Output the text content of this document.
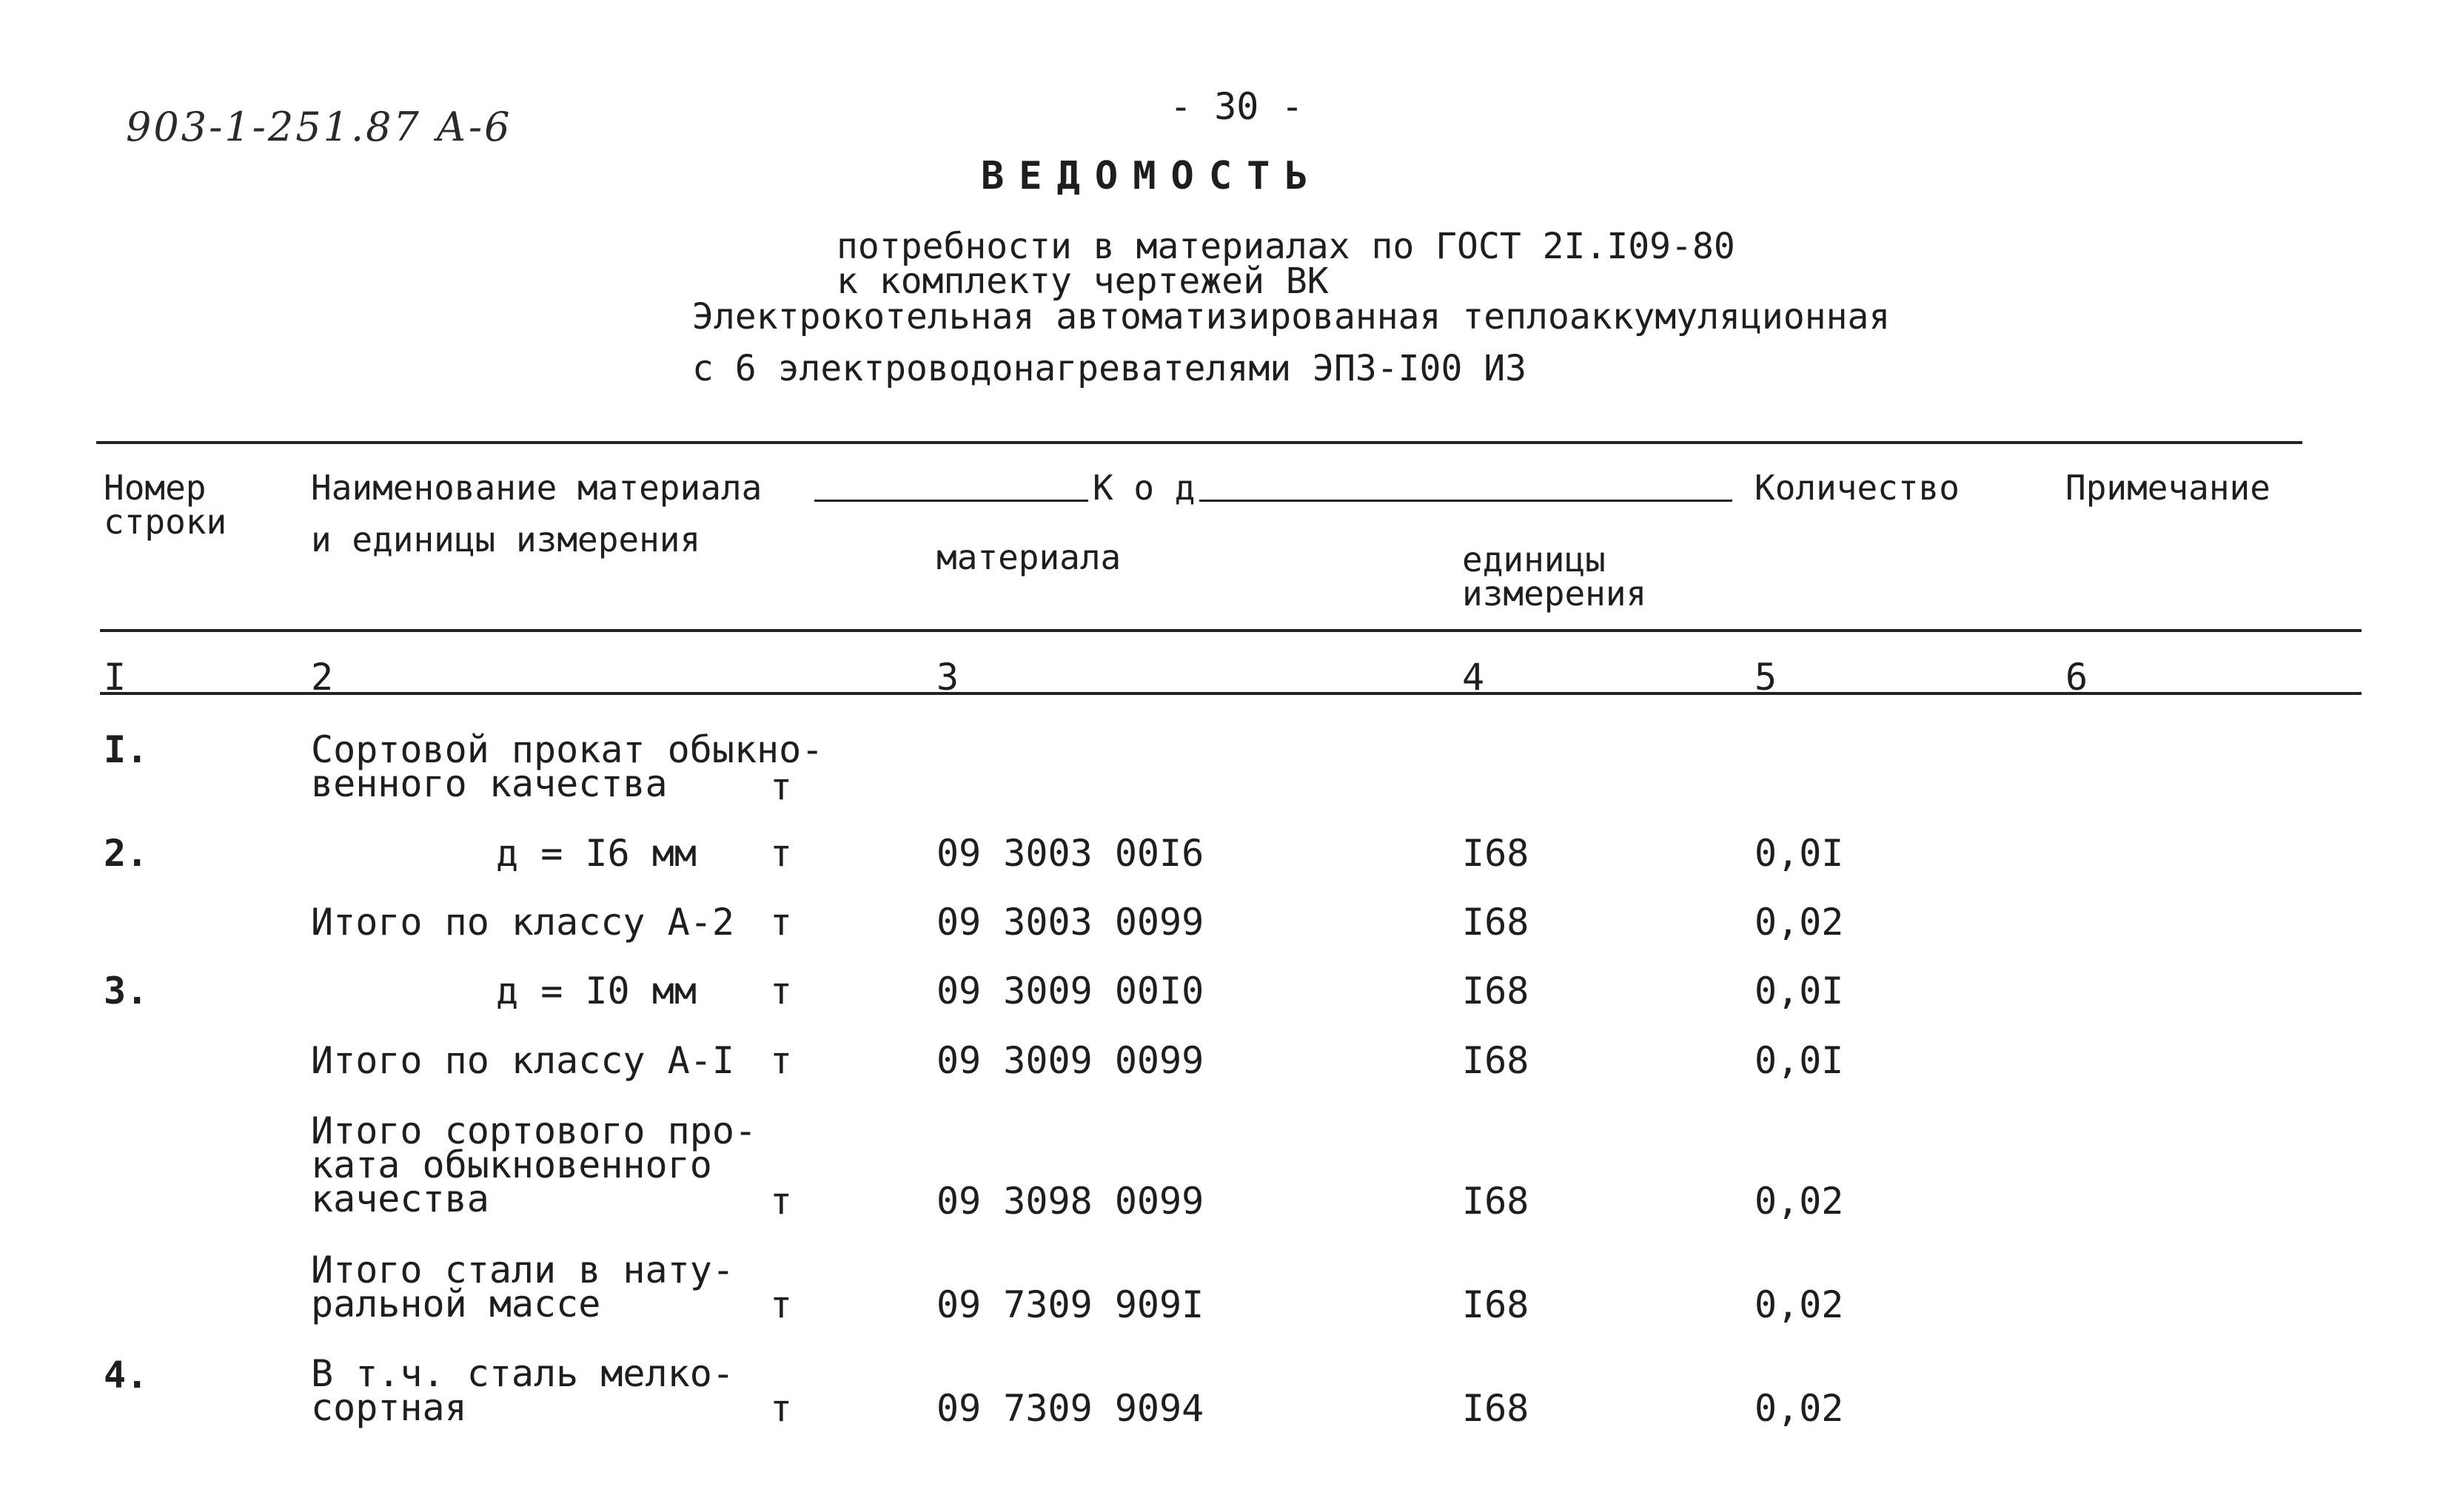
903-1-251.87 А-6	- 30 -
ВЕДОМОСТЬ
потребности в материалах по ГОСТ 2I.I09-80
к комплекту чертежей ВК
Электрокотельная автоматизированная теплоаккумуляционная
с 6 электроводонагревателями ЭПЗ-I00 ИЗ
Номер
строки
Наименование материала
и единицы измерения
К о д
материала	единицы
измерения
Количество	Примечание
I	2	3	4	5	6
I.	Сортовой прокат обыкно-
венного качества	т
2.	д = I6 мм т	09 3003 00I6	I68	0,0I
Итого по классу А-2 т	09 3003 0099	I68	0,02
3.	д = I0 мм т	09 3009 00I0	I68	0,0I
Итого по классу А-I т	09 3009 0099	I68	0,0I
Итого сортового про-
ката обыкновенного
качества	т	09 3098 0099	I68	0,02
Итого стали в нату-
ральной массе	т	09 7309 909I	I68	0,02
4.	В т.ч. сталь мелко-
сортная	т	09 7309 9094	I68	0,02
